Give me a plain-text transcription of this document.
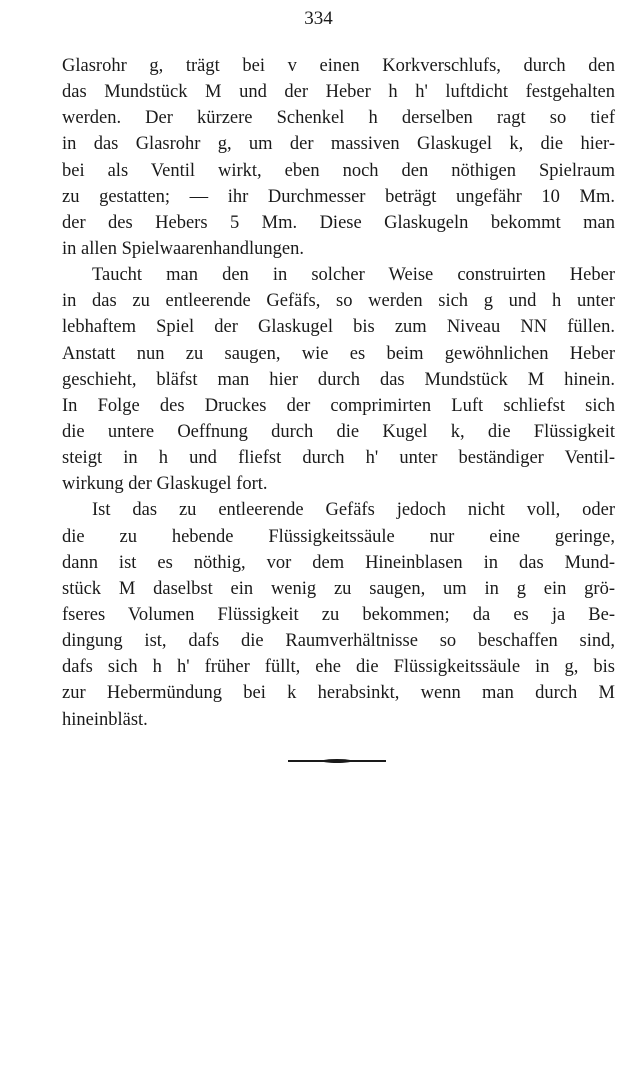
334
Glasrohr g, trägt bei v einen Korkverschlufs, durch den
das Mundstück M und der Heber h h' luftdicht festgehalten
werden. Der kürzere Schenkel h derselben ragt so tief
in das Glasrohr g, um der massiven Glaskugel k, die hier-
bei als Ventil wirkt, eben noch den nöthigen Spielraum
zu gestatten; — ihr Durchmesser beträgt ungefähr 10 Mm.
der des Hebers 5 Mm. Diese Glaskugeln bekommt man
in allen Spielwaarenhandlungen.
Taucht man den in solcher Weise construirten Heber
in das zu entleerende Gefäfs, so werden sich g und h unter
lebhaftem Spiel der Glaskugel bis zum Niveau NN füllen.
Anstatt nun zu saugen, wie es beim gewöhnlichen Heber
geschieht, bläfst man hier durch das Mundstück M hinein.
In Folge des Druckes der comprimirten Luft schliefst sich
die untere Oeffnung durch die Kugel k, die Flüssigkeit
steigt in h und fliefst durch h' unter beständiger Ventil-
wirkung der Glaskugel fort.
Ist das zu entleerende Gefäfs jedoch nicht voll, oder
die zu hebende Flüssigkeitssäule nur eine geringe,
dann ist es nöthig, vor dem Hineinblasen in das Mund-
stück M daselbst ein wenig zu saugen, um in g ein grö-
fseres Volumen Flüssigkeit zu bekommen; da es ja Be-
dingung ist, dafs die Raumverhältnisse so beschaffen sind,
dafs sich h h' früher füllt, ehe die Flüssigkeitssäule in g, bis
zur Hebermündung bei k herabsinkt, wenn man durch M
hineinbläst.
